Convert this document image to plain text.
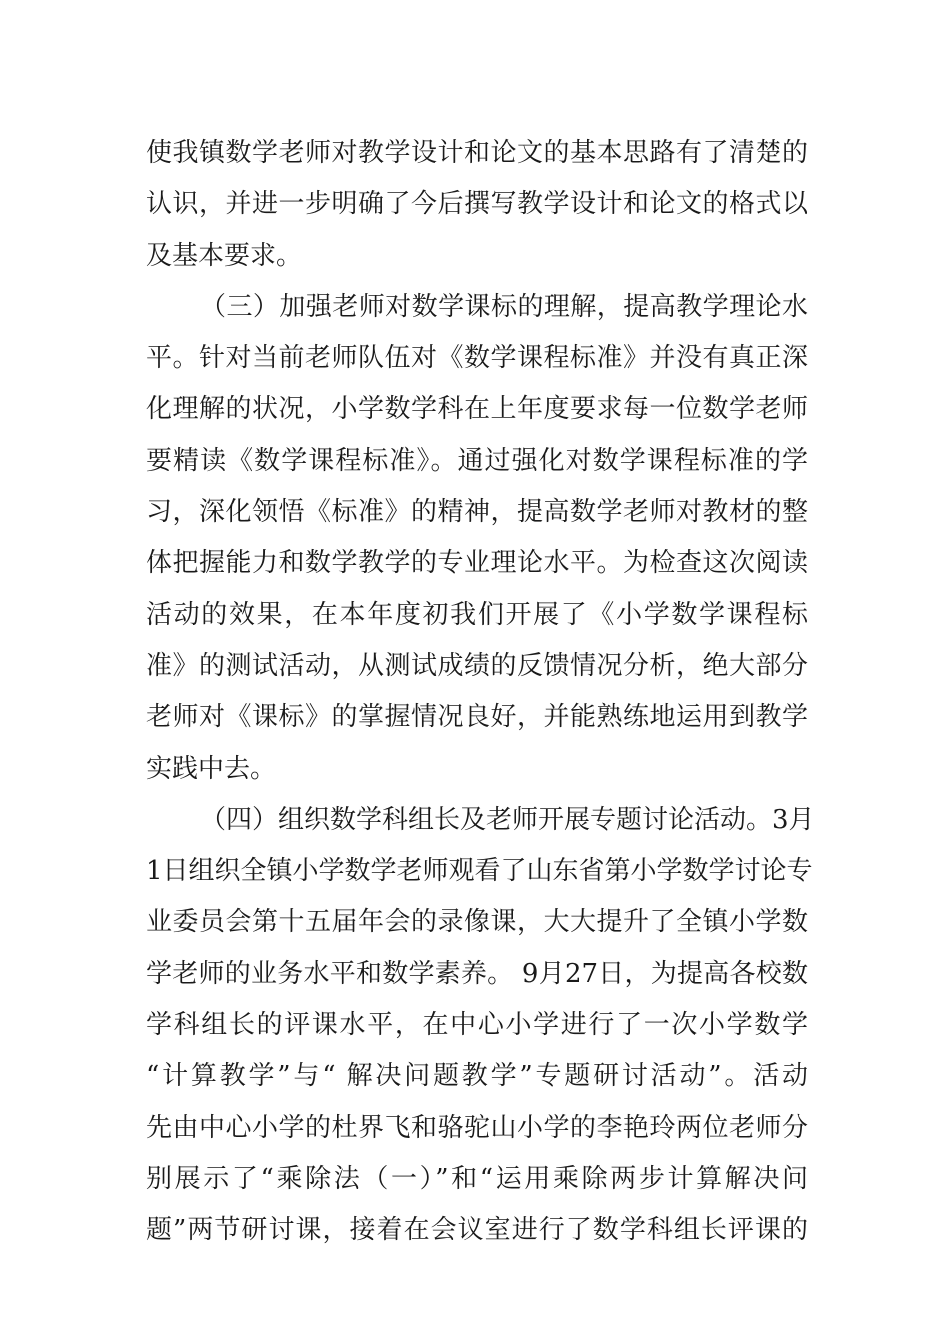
使我镇数学老师对教学设计和论文的基本思路有了清楚的
认识，并进一步明确了今后撰写教学设计和论文的格式以
及基本要求。
（三）加强老师对数学课标的理解，提高教学理论水
平。针对当前老师队伍对《数学课程标准》并没有真正深
化理解的状况，小学数学科在上年度要求每一位数学老师
要精读《数学课程标准》。通过强化对数学课程标准的学
习，深化领悟《标准》的精神，提高数学老师对教材的整
体把握能力和数学教学的专业理论水平。为检查这次阅读
活动的效果，在本年度初我们开展了《小学数学课程标
准》的测试活动，从测试成绩的反馈情况分析，绝大部分
老师对《课标》的掌握情况良好，并能熟练地运用到教学
实践中去。
（四）组织数学科组长及老师开展专题讨论活动。3月
1日组织全镇小学数学老师观看了山东省第小学数学讨论专
业委员会第十五届年会的录像课，大大提升了全镇小学数
学老师的业务水平和数学素养。 9月27日，为提高各校数
学科组长的评课水平，在中心小学进行了一次小学数学
“计算教学”与“ 解决问题教学”专题研讨活动”。活动
先由中心小学的杜界飞和骆驼山小学的李艳玲两位老师分
别展示了“乘除法（一）”和“运用乘除两步计算解决问
题”两节研讨课，接着在会议室进行了数学科组长评课的
